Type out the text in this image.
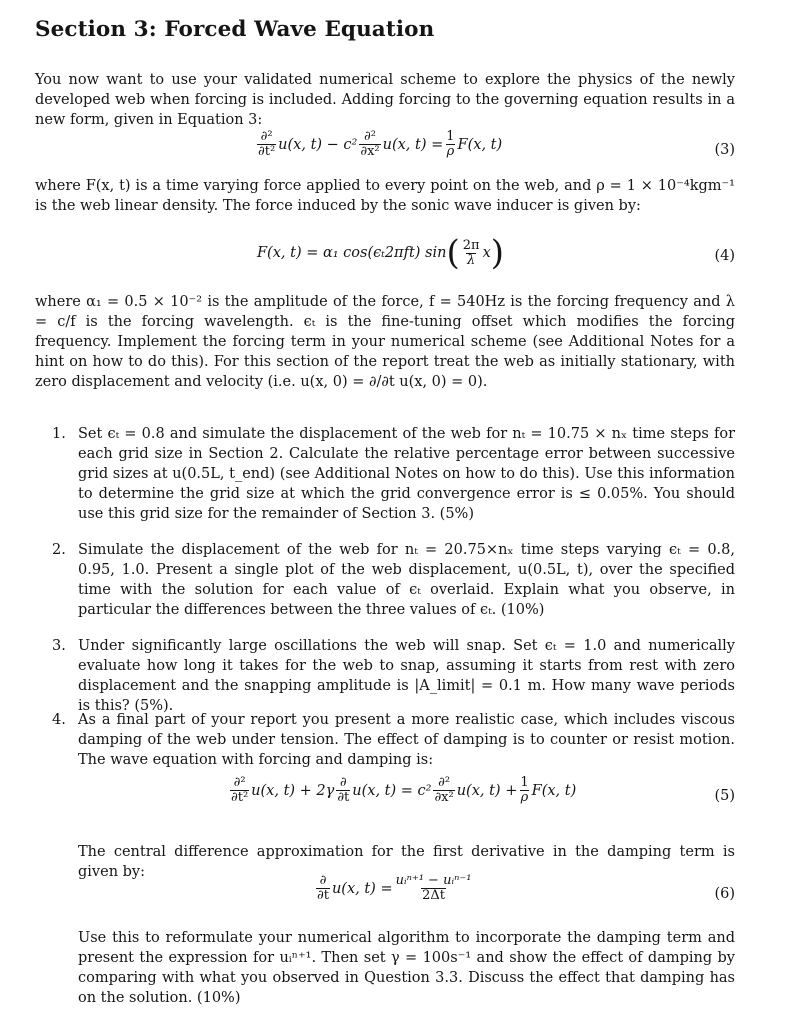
Section 3: Forced Wave Equation

You now want to use your validated numerical scheme to explore the physics of the newly developed web when forcing is included. Adding forcing to the governing equation results in a new form, given in Equation 3:

$\frac{\text{∂²}}{\text{∂t²}} u(x$, $t) - c^2 \frac{\text{∂²}}{\text{∂x²}} u(x$, $t) = \frac{1}{\rho} F(x$, t)	(3)

where F(x, t) is a time varying force applied to every point on the web, and ρ = 1 × 10⁻⁴kgm⁻¹ is the web linear density. The force induced by the sonic wave inducer is given by:

F(x, t) = α₁ cos(ϵₜ2πft) sin ( $\frac{2\pi}{\lambda}$ x )	(4)

where α₁ = 0.5 × 10⁻² is the amplitude of the force, f = 540Hz is the forcing frequency and λ = c/f is the forcing wavelength. ϵₜ is the fine-tuning offset which modifies the forcing frequency. Implement the forcing term in your numerical scheme (see Additional Notes for a hint on how to do this). For this section of the report treat the web as initially stationary, with zero displacement and velocity (i.e. u(x, 0) = ∂/∂t u(x, 0) = 0).

1. Set ϵₜ = 0.8 and simulate the displacement of the web for nₜ = 10.75 × nₓ time steps for each grid size in Section 2. Calculate the relative percentage error between successive grid sizes at u(0.5L, t_end) (see Additional Notes on how to do this). Use this information to determine the grid size at which the grid convergence error is ≤ 0.05%. You should use this grid size for the remainder of Section 3. (5%)
2. Simulate the displacement of the web for nₜ = 20.75×nₓ time steps varying ϵₜ = 0.8, 0.95, 1.0. Present a single plot of the web displacement, u(0.5L, t), over the specified time with the solution for each value of ϵₜ overlaid. Explain what you observe, in particular the differences between the three values of ϵₜ. (10%)
3. Under significantly large oscillations the web will snap. Set ϵₜ = 1.0 and numerically evaluate how long it takes for the web to snap, assuming it starts from rest with zero displacement and the snapping amplitude is |A_limit| = 0.1 m. How many wave periods is this? (5%).
4. As a final part of your report you present a more realistic case, which includes viscous damping of the web under tension. The effect of damping is to counter or resist motion. The wave equation with forcing and damping is:
$\frac{\text{∂²}}{\text{∂t²}} u(x$, $t) + 2\gamma \frac{\partial}{\partial t} u(x$, $t) = c^2 \frac{\text{∂²}}{\text{∂x²}} u(x$, $t) + \frac{1}{\rho} F(x$, t)	(5)

The central difference approximation for the first derivative in the damping term is given by:

$\frac{\partial}{\partial t} u(x$, $t) = \frac{\text{uᵢⁿ⁺¹ − uᵢⁿ⁻¹}}{2\Delta t}$	(6)

Use this to reformulate your numerical algorithm to incorporate the damping term and present the expression for uᵢⁿ⁺¹. Then set γ = 100s⁻¹ and show the effect of damping by comparing with what you observed in Question 3.3. Discuss the effect that damping has on the solution. (10%)
